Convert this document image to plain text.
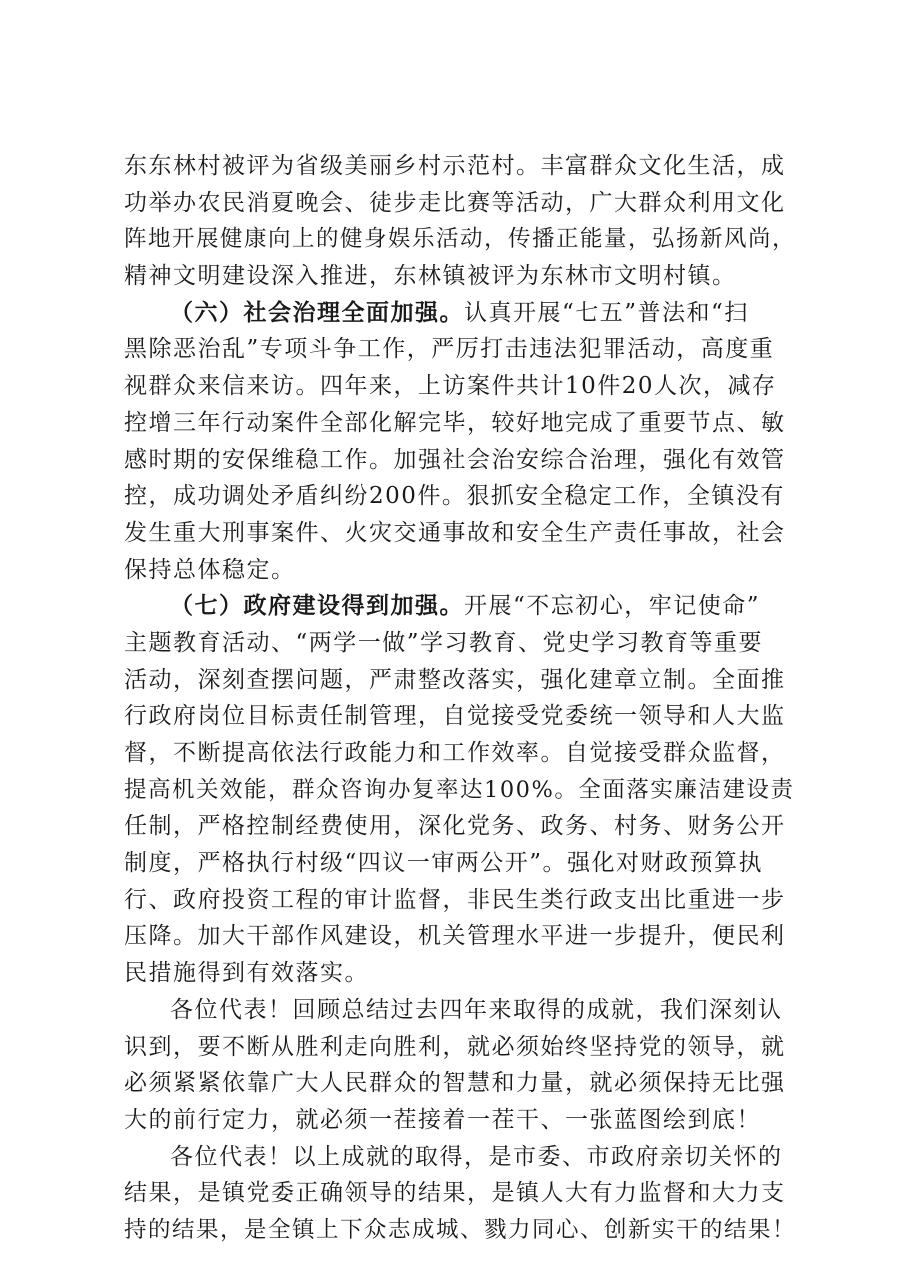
东东林村被评为省级美丽乡村示范村。丰富群众文化生活，成
功举办农民消夏晚会、徒步走比赛等活动，广大群众利用文化
阵地开展健康向上的健身娱乐活动，传播正能量，弘扬新风尚，
精神文明建设深入推进，东林镇被评为东林市文明村镇。
（六）社会治理全面加强。认真开展“七五”普法和“扫
黑除恶治乱”专项斗争工作，严厉打击违法犯罪活动，高度重
视群众来信来访。四年来，上访案件共计10件20人次，减存
控增三年行动案件全部化解完毕，较好地完成了重要节点、敏
感时期的安保维稳工作。加强社会治安综合治理，强化有效管
控，成功调处矛盾纠纷200件。狠抓安全稳定工作，全镇没有
发生重大刑事案件、火灾交通事故和安全生产责任事故，社会
保持总体稳定。
（七）政府建设得到加强。开展“不忘初心，牢记使命”
主题教育活动、“两学一做”学习教育、党史学习教育等重要
活动，深刻查摆问题，严肃整改落实，强化建章立制。全面推
行政府岗位目标责任制管理，自觉接受党委统一领导和人大监
督，不断提高依法行政能力和工作效率。自觉接受群众监督，
提高机关效能，群众咨询办复率达100%。全面落实廉洁建设责
任制，严格控制经费使用，深化党务、政务、村务、财务公开
制度，严格执行村级“四议一审两公开”。强化对财政预算执
行、政府投资工程的审计监督，非民生类行政支出比重进一步
压降。加大干部作风建设，机关管理水平进一步提升，便民利
民措施得到有效落实。
各位代表！回顾总结过去四年来取得的成就，我们深刻认
识到，要不断从胜利走向胜利，就必须始终坚持党的领导，就
必须紧紧依靠广大人民群众的智慧和力量，就必须保持无比强
大的前行定力，就必须一茬接着一茬干、一张蓝图绘到底！
各位代表！以上成就的取得，是市委、市政府亲切关怀的
结果，是镇党委正确领导的结果，是镇人大有力监督和大力支
持的结果，是全镇上下众志成城、戮力同心、创新实干的结果！
